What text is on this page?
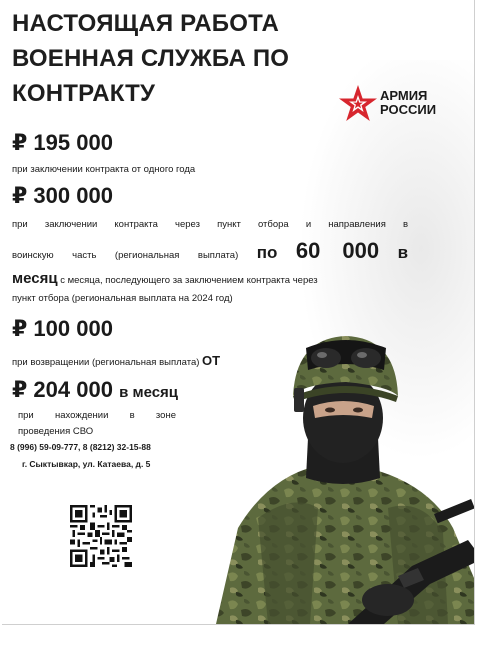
НАСТОЯЩАЯ РАБОТА
ВОЕННАЯ СЛУЖБА ПО
КОНТРАКТУ	АРМИЯ
РОССИИ
₽ 195 000
при заключении контракта от одного года
₽ 300 000
при заключении контракта через пункт отбора и направления в
воинскую часть (региональная выплата) по 60 000 в
месяц с месяца, последующего за заключением контракта через
пункт отбора (региональная выплата на 2024 год)
₽ 100 000
при возвращении (региональная выплата) ОТ
₽ 204 000 в месяц
при нахождении в зоне
проведения СВО
8 (996) 59-09-777, 8 (8212) 32-15-88
г. Сыктывкар, ул. Катаева, д. 5
